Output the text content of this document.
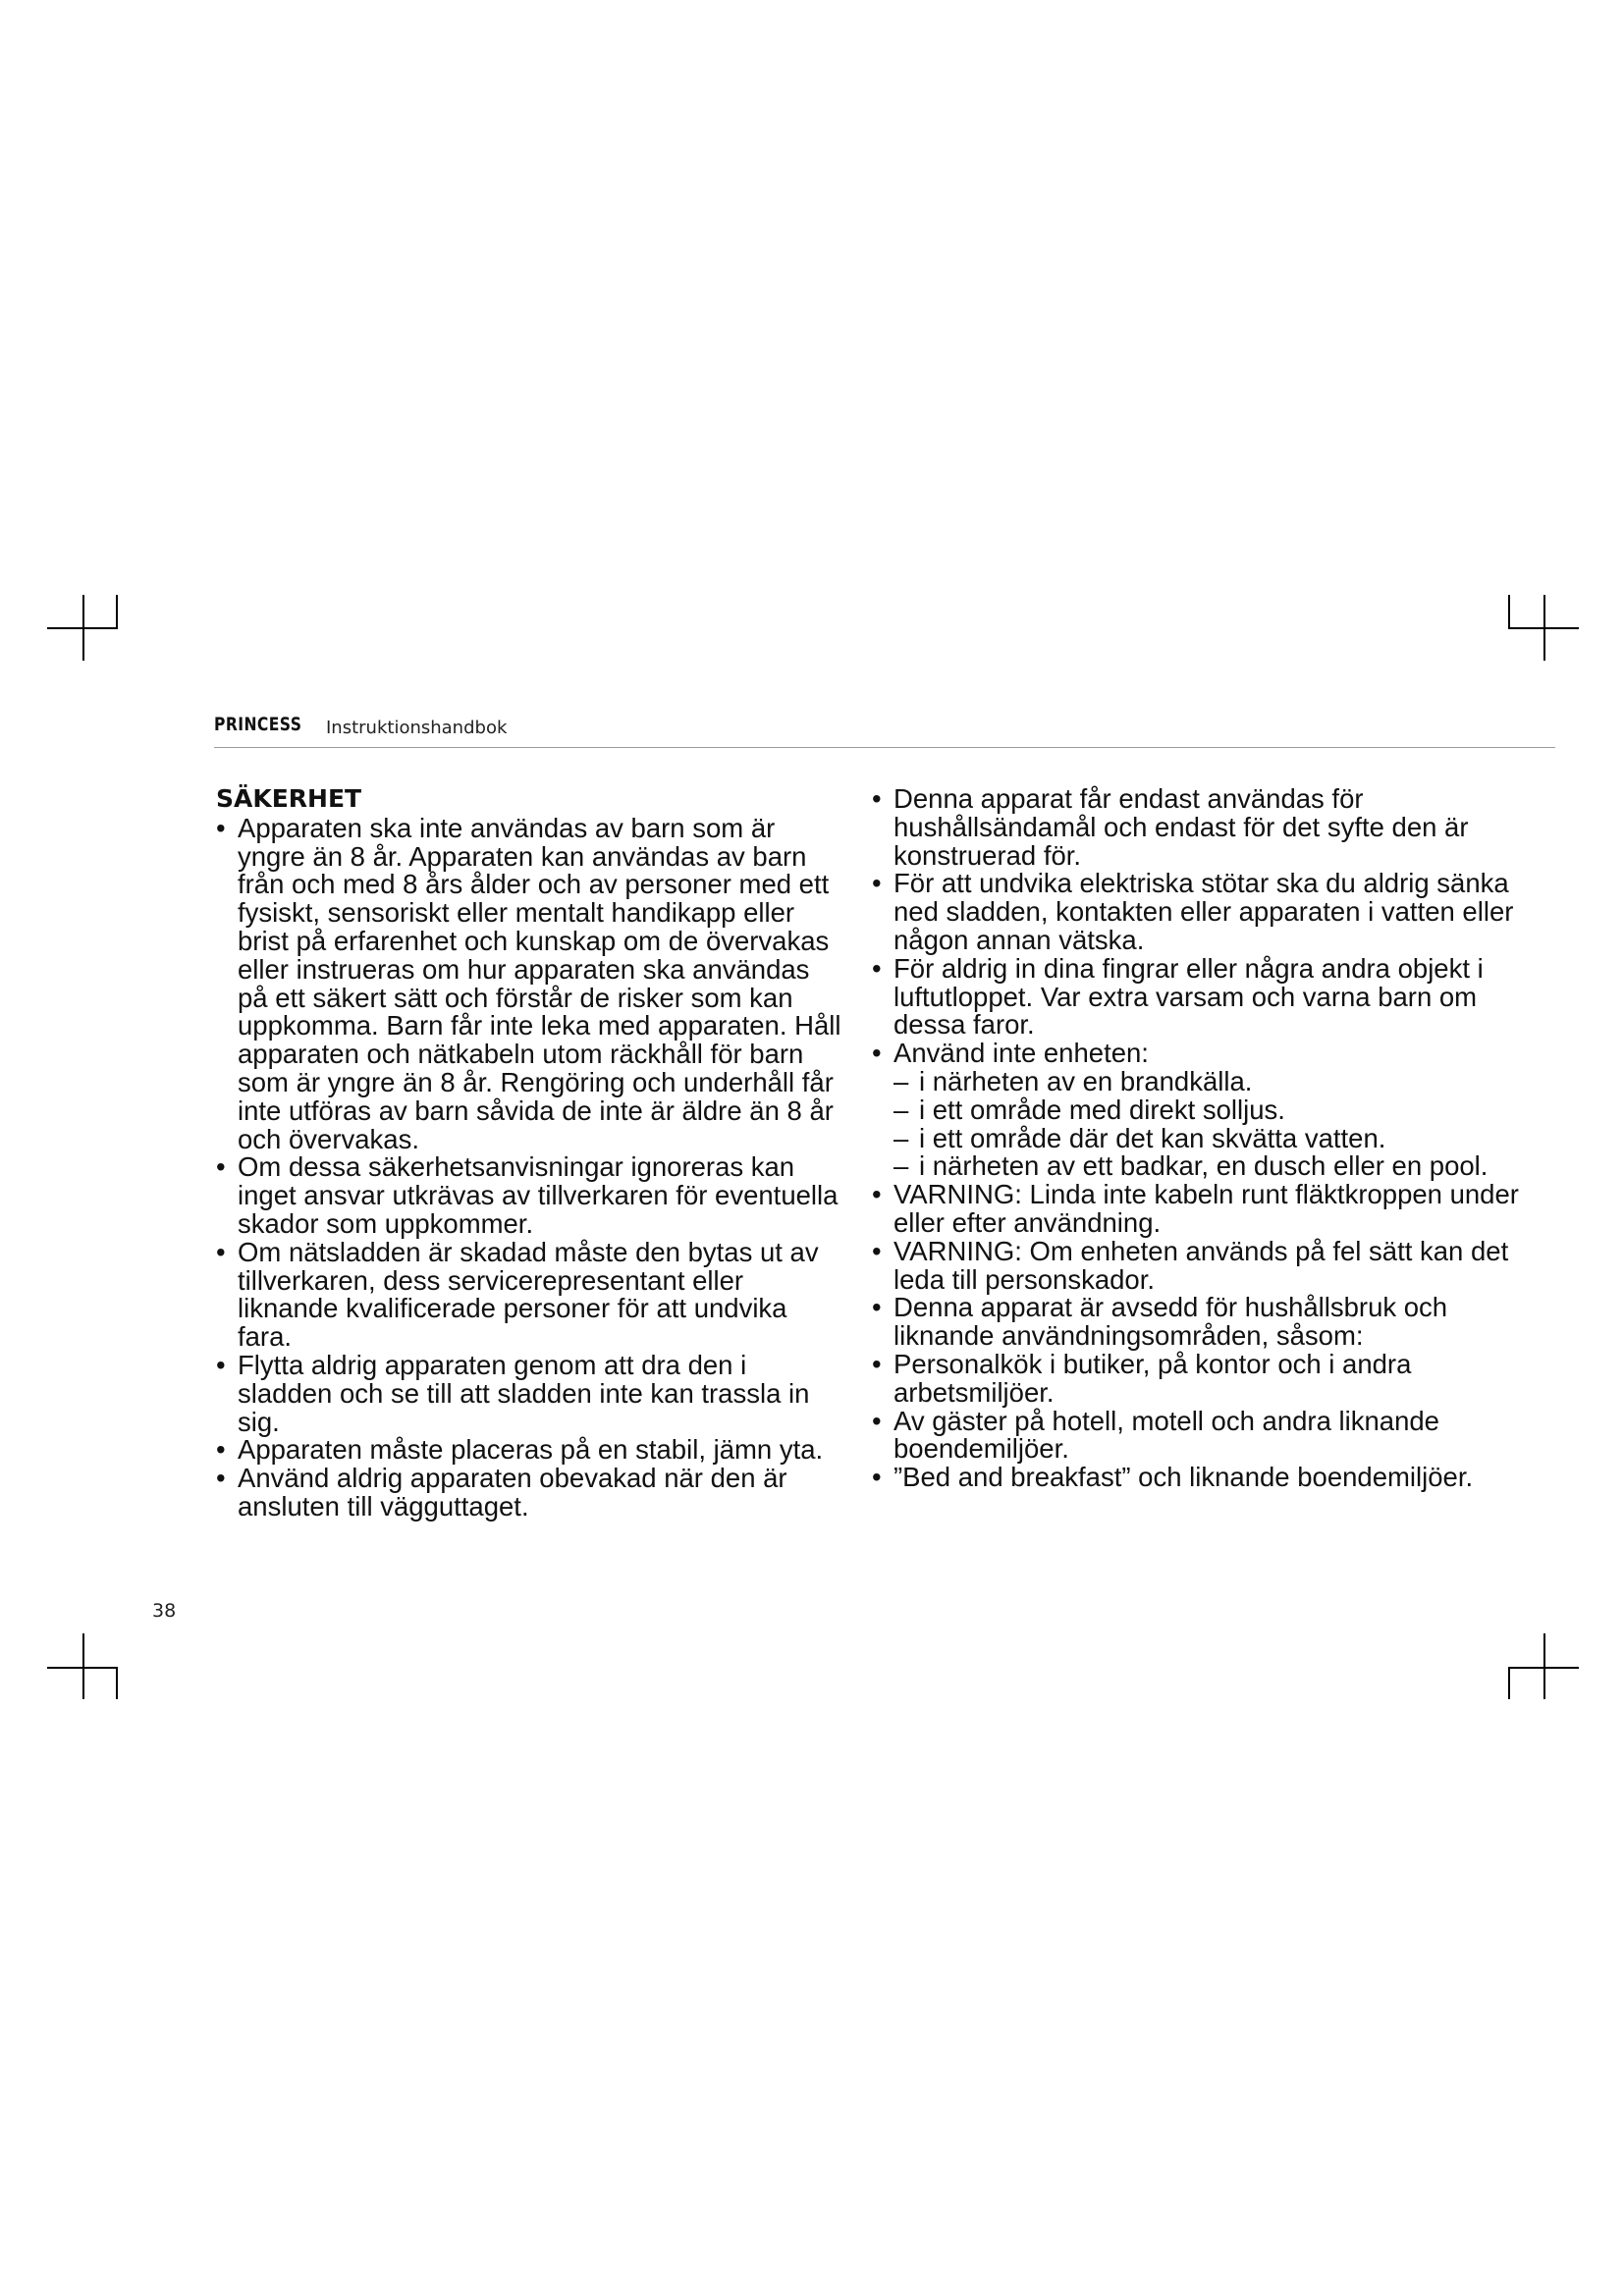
PRINCESS Instruktionshandbok
SÄKERHET
• Apparaten ska inte användas av barn som är yngre än 8 år. Apparaten kan användas av barn från och med 8 års ålder och av personer med ett fysiskt, sensoriskt eller mentalt handikapp eller brist på erfarenhet och kunskap om de övervakas eller instrueras om hur apparaten ska användas på ett säkert sätt och förstår de risker som kan uppkomma. Barn får inte leka med apparaten. Håll apparaten och nätkabeln utom räckhåll för barn som är yngre än 8 år. Rengöring och underhåll får inte utföras av barn såvida de inte är äldre än 8 år och övervakas.
• Om dessa säkerhetsanvisningar ignoreras kan inget ansvar utkrävas av tillverkaren för eventuella skador som uppkommer.
• Om nätsladden är skadad måste den bytas ut av tillverkaren, dess servicerepresentant eller liknande kvalificerade personer för att undvika fara.
• Flytta aldrig apparaten genom att dra den i sladden och se till att sladden inte kan trassla in sig.
• Apparaten måste placeras på en stabil, jämn yta.
• Använd aldrig apparaten obevakad när den är ansluten till vägguttaget.
• Denna apparat får endast användas för hushållsändamål och endast för det syfte den är konstruerad för.
• För att undvika elektriska stötar ska du aldrig sänka ned sladden, kontakten eller apparaten i vatten eller någon annan vätska.
• För aldrig in dina fingrar eller några andra objekt i luftutloppet. Var extra varsam och varna barn om dessa faror.
• Använd inte enheten:
– i närheten av en brandkälla.
– i ett område med direkt solljus.
– i ett område där det kan skvätta vatten.
– i närheten av ett badkar, en dusch eller en pool.
• VARNING: Linda inte kabeln runt fläktkroppen under eller efter användning.
• VARNING: Om enheten används på fel sätt kan det leda till personskador.
• Denna apparat är avsedd för hushållsbruk och liknande användningsområden, såsom:
• Personalkök i butiker, på kontor och i andra arbetsmiljöer.
• Av gäster på hotell, motell och andra liknande boendemiljöer.
• ”Bed and breakfast” och liknande boendemiljöer.
38
